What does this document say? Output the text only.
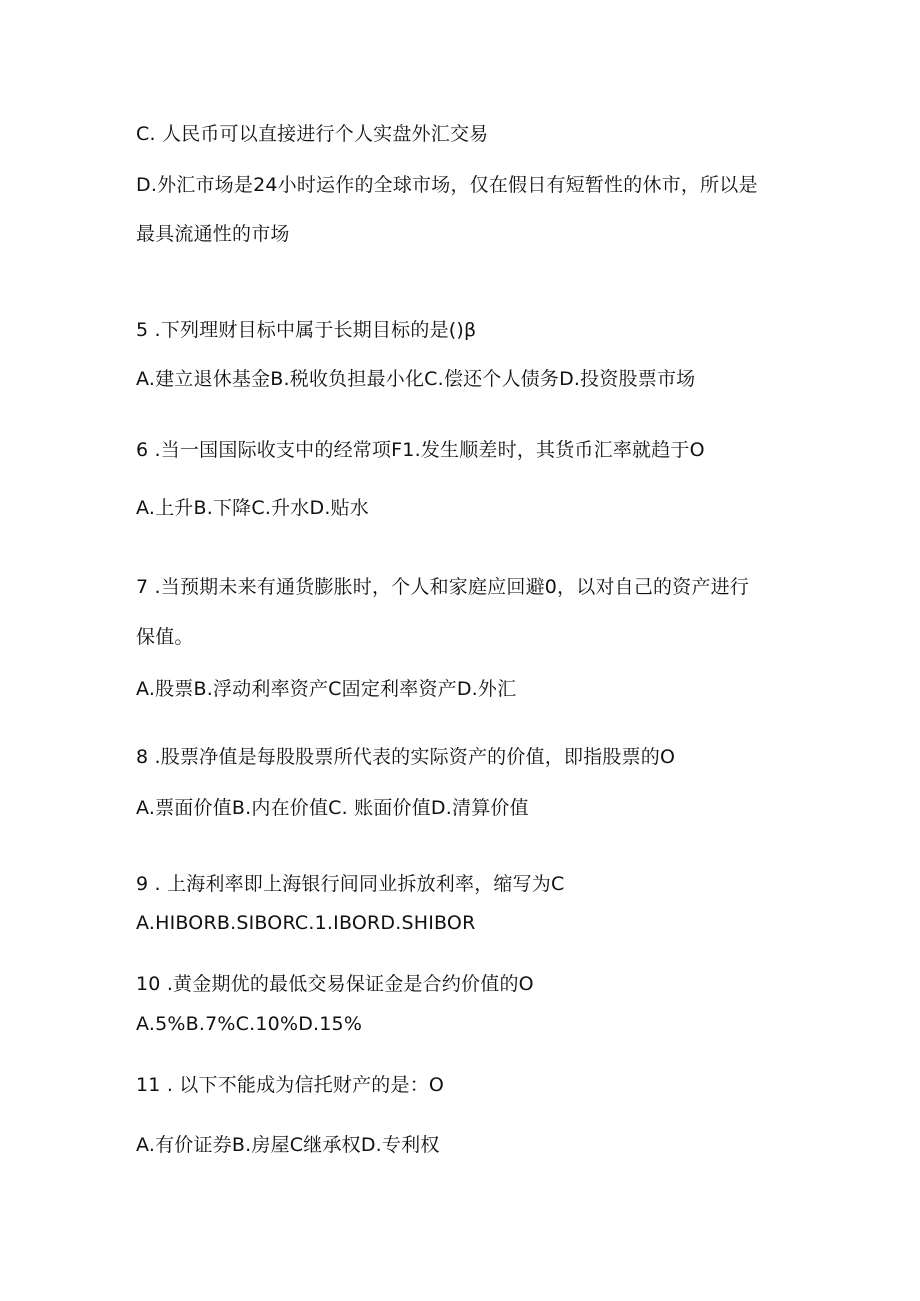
C. 人民币可以直接进行个人实盘外汇交易
D.外汇市场是24小时运作的全球市场，仅在假日有短暂性的休市，所以是
最具流通性的市场
5 .下列理财目标中属于长期目标的是()β
A.建立退休基金B.税收负担最小化C.偿还个人债务D.投资股票市场
6 .当一国国际收支中的经常项F1.发生顺差时，其货币汇率就趋于O
A.上升B.下降C.升水D.贴水
7 .当预期未来有通货膨胀时，个人和家庭应回避0，以对自己的资产进行
保值。
A.股票B.浮动利率资产C固定利率资产D.外汇
8 .股票净值是每股股票所代表的实际资产的价值，即指股票的O
A.票面价值B.内在价值C. 账面价值D.清算价值
9 . 上海利率即上海银行间同业拆放利率，缩写为C
A.HIBORB.SIBORC.1.IBORD.SHIBOR
10 .黄金期优的最低交易保证金是合约价值的O
A.5%B.7%C.10%D.15%
11 . 以下不能成为信托财产的是：O
A.有价证券B.房屋C继承权D.专利权
